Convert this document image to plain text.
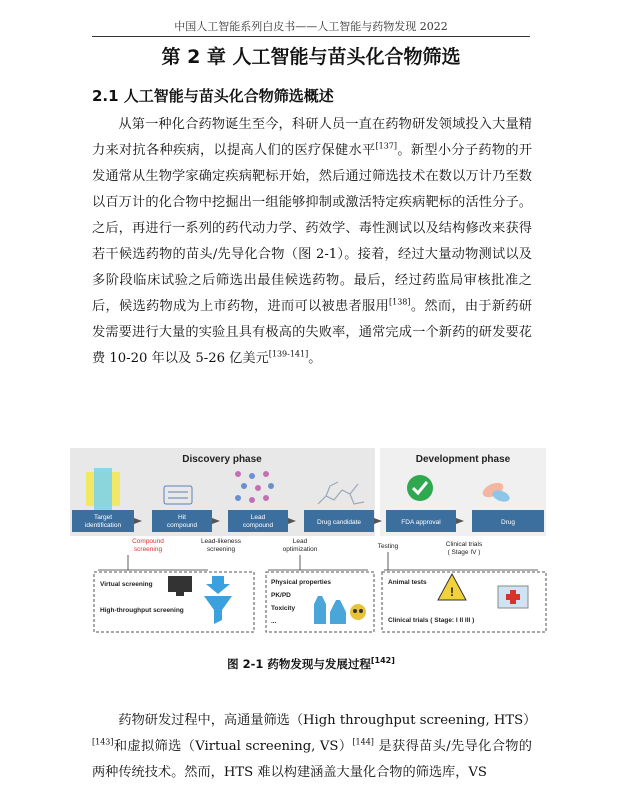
中国人工智能系列白皮书——人工智能与药物发现 2022
第 2 章 人工智能与苗头化合物筛选
2.1 人工智能与苗头化合物筛选概述

从第一种化合药物诞生至今，科研人员一直在药物研发领域投入大量精力来对抗各种疾病，以提高人们的医疗保健水平[137]。新型小分子药物的开发通常从生物学家确定疾病靶标开始，然后通过筛选技术在数以万计乃至数以百万计的化合物中挖掘出一组能够抑制或激活特定疾病靶标的活性分子。之后，再进行一系列的药代动力学、药效学、毒性测试以及结构修改来获得若干候选药物的苗头/先导化合物（图 2-1）。接着，经过大量动物测试以及多阶段临床试验之后筛选出最佳候选药物。最后，经过药监局审核批准之后，候选药物成为上市药物，进而可以被患者服用[138]。然而，由于新药研发需要进行大量的实验且具有极高的失败率，通常完成一个新药的研发要花费 10-20 年以及 5-26 亿美元[139-141]。

Discovery phase	Development phase
Target
identification
Hit
compound
Lead
compound	Drug candidate	FDA approval	Drug
Compound
screening
Lead-likeness
screening
Lead
optimization	Testing	Clinical trials
( Stage IV )
Virtual screening
High-throughput screening
Physical properties
PK/PD
Toxicity
...
Animal tests
Clinical trials ( Stage: I II III )
!
图 2-1 药物发现与发展过程[142]

药物研发过程中，高通量筛选（High throughput screening, HTS）[143]和虚拟筛选（Virtual screening, VS）[144] 是获得苗头/先导化合物的两种传统技术。然而，HTS 难以构建涵盖大量化合物的筛选库，VS
